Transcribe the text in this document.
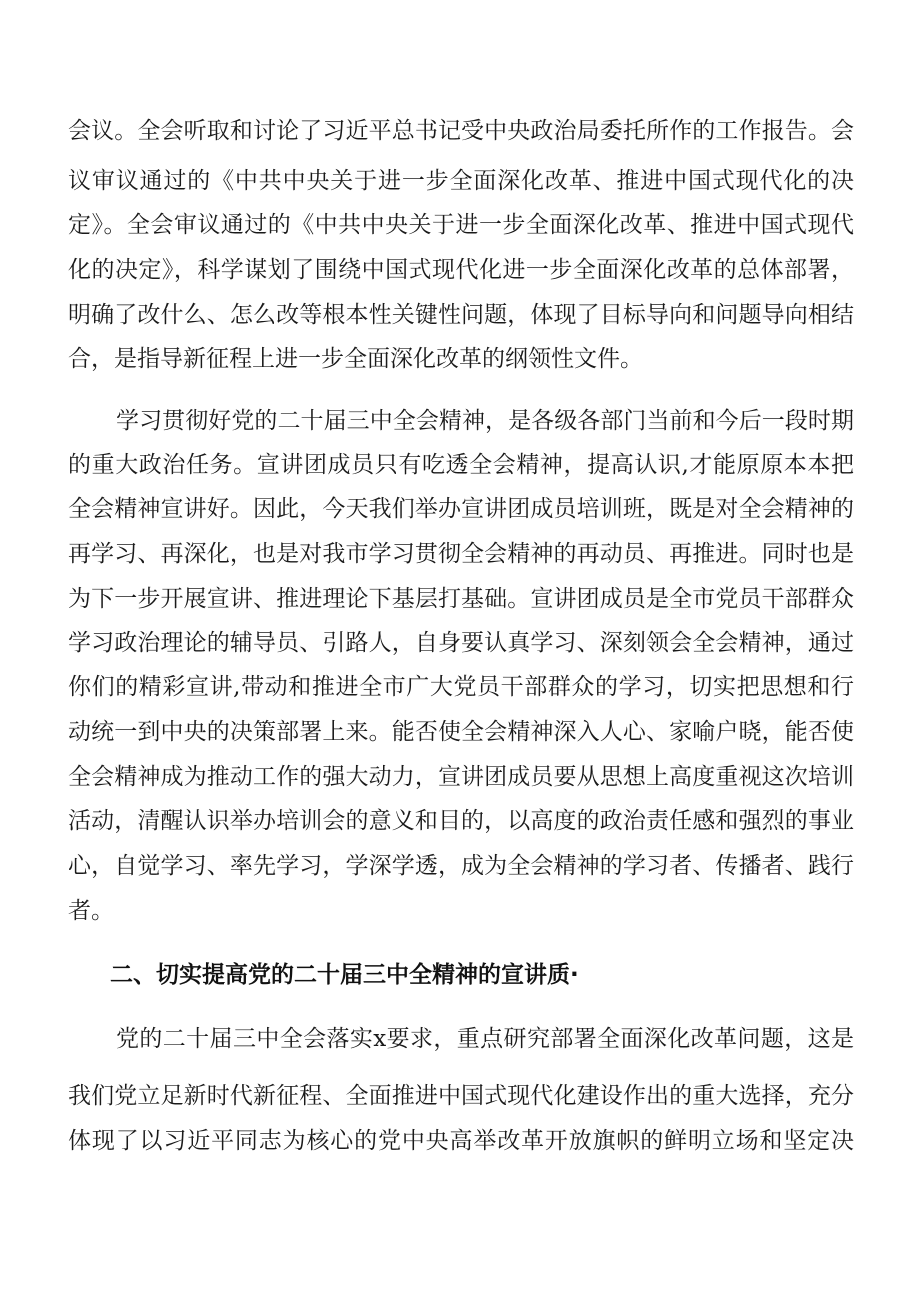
会议。全会听取和讨论了习近平总书记受中央政治局委托所作的工作报告。会
议审议通过的《中共中央关于进一步全面深化改革、推进中国式现代化的决
定》。全会审议通过的《中共中央关于进一步全面深化改革、推进中国式现代
化的决定》，科学谋划了围绕中国式现代化进一步全面深化改革的总体部署，
明确了改什么、怎么改等根本性关键性问题，体现了目标导向和问题导向相结
合，是指导新征程上进一步全面深化改革的纲领性文件。
学习贯彻好党的二十届三中全会精神，是各级各部门当前和今后一段时期
的重大政治任务。宣讲团成员只有吃透全会精神，提高认识,才能原原本本把
全会精神宣讲好。因此，今天我们举办宣讲团成员培训班，既是对全会精神的
再学习、再深化，也是对我市学习贯彻全会精神的再动员、再推进。同时也是
为下一步开展宣讲、推进理论下基层打基础。宣讲团成员是全市党员干部群众
学习政治理论的辅导员、引路人，自身要认真学习、深刻领会全会精神，通过
你们的精彩宣讲,带动和推进全市广大党员干部群众的学习，切实把思想和行
动统一到中央的决策部署上来。能否使全会精神深入人心、家喻户晓，能否使
全会精神成为推动工作的强大动力，宣讲团成员要从思想上高度重视这次培训
活动，清醒认识举办培训会的意义和目的，以高度的政治责任感和强烈的事业
心，自觉学习、率先学习，学深学透，成为全会精神的学习者、传播者、践行
者。
二、切实提高党的二十届三中全精神的宣讲质·
党的二十届三中全会落实x要求，重点研究部署全面深化改革问题，这是
我们党立足新时代新征程、全面推进中国式现代化建设作出的重大选择，充分
体现了以习近平同志为核心的党中央高举改革开放旗帜的鲜明立场和坚定决
